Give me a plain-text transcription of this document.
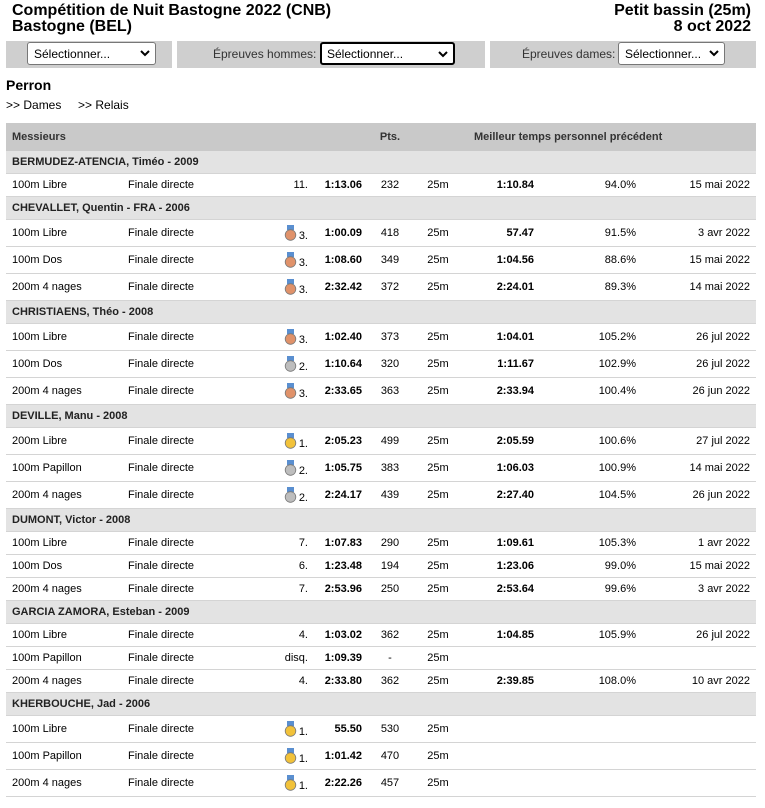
Compétition de Nuit Bastogne 2022 (CNB)
Bastogne (BEL)
Petit bassin (25m)
8 oct 2022
Sélectionner...	Épreuves hommes: Sélectionner...	Épreuves dames: Sélectionner...
Perron
>> Dames >> Relais
Messieurs				Pts.		Meilleur temps personnel précédent		
BERMUDEZ-ATENCIA, Timéo - 2009								
100m Libre	Finale directe	11.	1:13.06	232	25m	1:10.84	94.0%	15 mai 2022
CHEVALLET, Quentin - FRA - 2006								
100m Libre	Finale directe	3.	1:00.09	418	25m	57.47	91.5%	3 avr 2022
100m Dos	Finale directe	3.	1:08.60	349	25m	1:04.56	88.6%	15 mai 2022
200m 4 nages	Finale directe	3.	2:32.42	372	25m	2:24.01	89.3%	14 mai 2022
CHRISTIAENS, Théo - 2008								
100m Libre	Finale directe	3.	1:02.40	373	25m	1:04.01	105.2%	26 jul 2022
100m Dos	Finale directe	2.	1:10.64	320	25m	1:11.67	102.9%	26 jul 2022
200m 4 nages	Finale directe	3.	2:33.65	363	25m	2:33.94	100.4%	26 jun 2022
DEVILLE, Manu - 2008								
200m Libre	Finale directe	1.	2:05.23	499	25m	2:05.59	100.6%	27 jul 2022
100m Papillon	Finale directe	2.	1:05.75	383	25m	1:06.03	100.9%	14 mai 2022
200m 4 nages	Finale directe	2.	2:24.17	439	25m	2:27.40	104.5%	26 jun 2022
DUMONT, Victor - 2008								
100m Libre	Finale directe	7.	1:07.83	290	25m	1:09.61	105.3%	1 avr 2022
100m Dos	Finale directe	6.	1:23.48	194	25m	1:23.06	99.0%	15 mai 2022
200m 4 nages	Finale directe	7.	2:53.96	250	25m	2:53.64	99.6%	3 avr 2022
GARCIA ZAMORA, Esteban - 2009								
100m Libre	Finale directe	4.	1:03.02	362	25m	1:04.85	105.9%	26 jul 2022
100m Papillon	Finale directe	disq.	1:09.39	-	25m			
200m 4 nages	Finale directe	4.	2:33.80	362	25m	2:39.85	108.0%	10 avr 2022
KHERBOUCHE, Jad - 2006								
100m Libre	Finale directe	1.	55.50	530	25m			
100m Papillon	Finale directe	1.	1:01.42	470	25m			
200m 4 nages	Finale directe	1.	2:22.26	457	25m			
